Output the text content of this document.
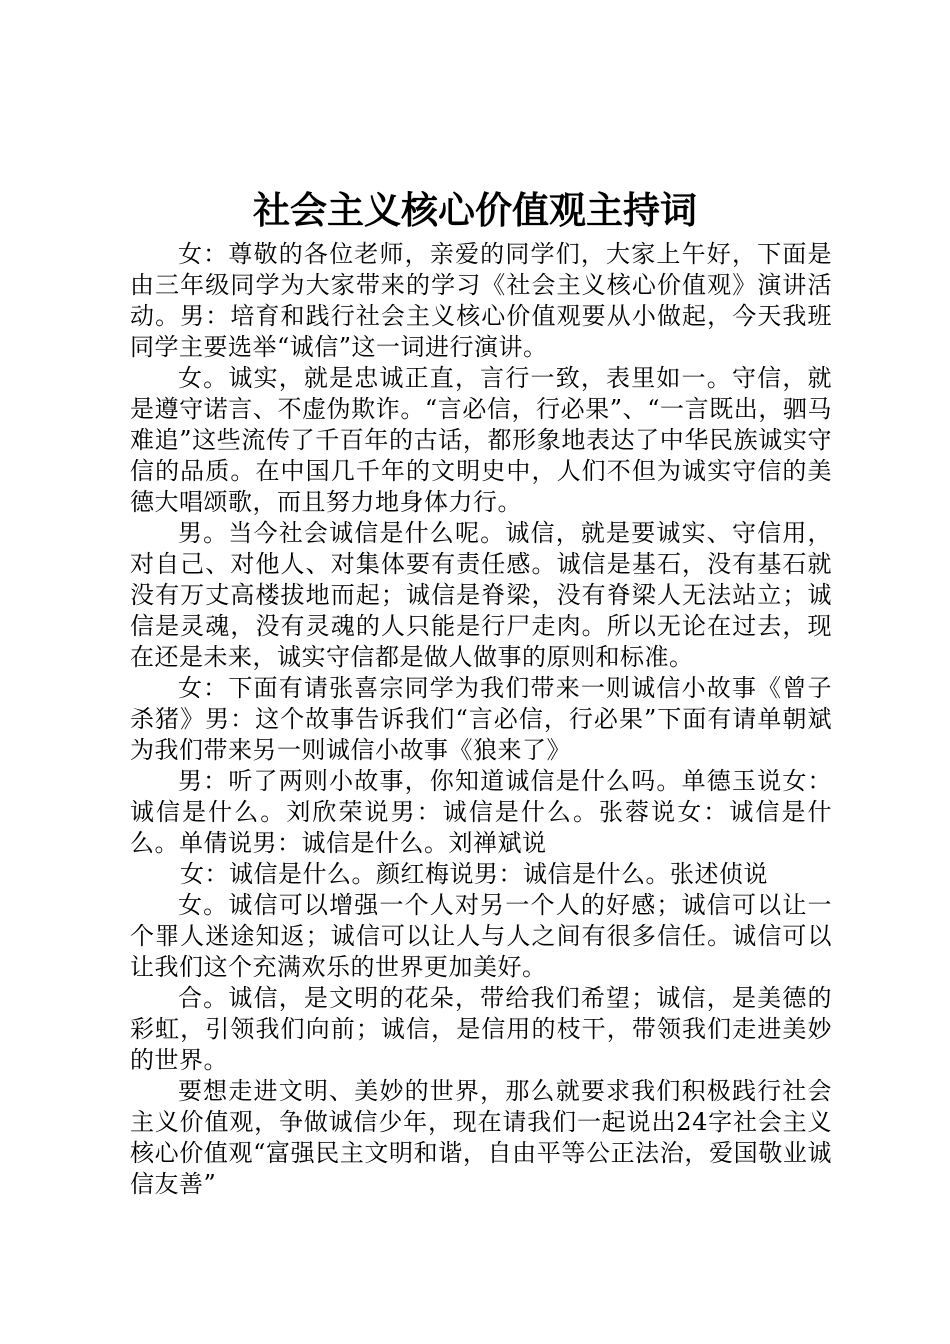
社会主义核心价值观主持词

女：尊敬的各位老师，亲爱的同学们，大家上午好，下面是由三年级同学为大家带来的学习《社会主义核心价值观》演讲活动。男：培育和践行社会主义核心价值观要从小做起，今天我班同学主要选举“诚信”这一词进行演讲。

女。诚实，就是忠诚正直，言行一致，表里如一。守信，就是遵守诺言、不虚伪欺诈。“言必信，行必果”、“一言既出，驷马难追”这些流传了千百年的古话，都形象地表达了中华民族诚实守信的品质。在中国几千年的文明史中，人们不但为诚实守信的美德大唱颂歌，而且努力地身体力行。

男。当今社会诚信是什么呢。诚信，就是要诚实、守信用，对自己、对他人、对集体要有责任感。诚信是基石，没有基石就没有万丈高楼拔地而起；诚信是脊梁，没有脊梁人无法站立；诚信是灵魂，没有灵魂的人只能是行尸走肉。所以无论在过去，现在还是未来，诚实守信都是做人做事的原则和标准。

女：下面有请张喜宗同学为我们带来一则诚信小故事《曾子杀猪》男：这个故事告诉我们“言必信，行必果”下面有请单朝斌为我们带来另一则诚信小故事《狼来了》

男：听了两则小故事，你知道诚信是什么吗。单德玉说女：诚信是什么。刘欣荣说男：诚信是什么。张蓉说女：诚信是什么。单倩说男：诚信是什么。刘禅斌说

女：诚信是什么。颜红梅说男：诚信是什么。张述侦说

女。诚信可以增强一个人对另一个人的好感；诚信可以让一个罪人迷途知返；诚信可以让人与人之间有很多信任。诚信可以让我们这个充满欢乐的世界更加美好。

合。诚信，是文明的花朵，带给我们希望；诚信，是美德的彩虹，引领我们向前；诚信，是信用的枝干，带领我们走进美妙的世界。

要想走进文明、美妙的世界，那么就要求我们积极践行社会主义价值观，争做诚信少年，现在请我们一起说出24字社会主义核心价值观“富强民主文明和谐，自由平等公正法治，爱国敬业诚信友善”
